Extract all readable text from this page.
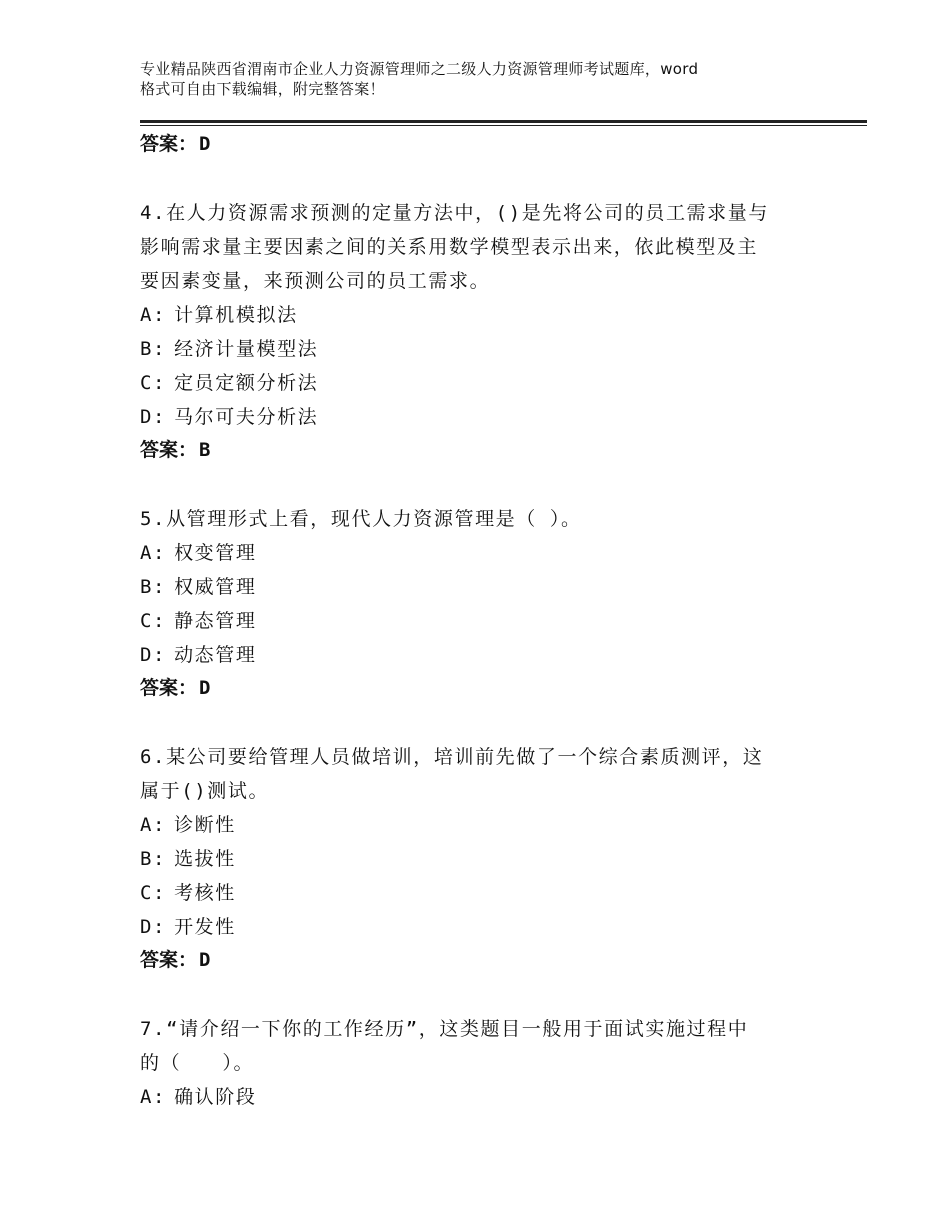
专业精品陕西省渭南市企业人力资源管理师之二级人力资源管理师考试题库，word
格式可自由下载编辑，附完整答案！
答案： D
4.在人力资源需求预测的定量方法中，()是先将公司的员工需求量与
影响需求量主要因素之间的关系用数学模型表示出来，依此模型及主
要因素变量，来预测公司的员工需求。
A: 计算机模拟法
B: 经济计量模型法
C: 定员定额分析法
D: 马尔可夫分析法
答案： B
5.从管理形式上看，现代人力资源管理是（ ）。
A: 权变管理
B: 权威管理
C: 静态管理
D: 动态管理
答案： D
6.某公司要给管理人员做培训，培训前先做了一个综合素质测评，这
属于()测试。
A: 诊断性
B: 选拔性
C: 考核性
D: 开发性
答案： D
7.“请介绍一下你的工作经历”，这类题目一般用于面试实施过程中
的（　　）。
A: 确认阶段
